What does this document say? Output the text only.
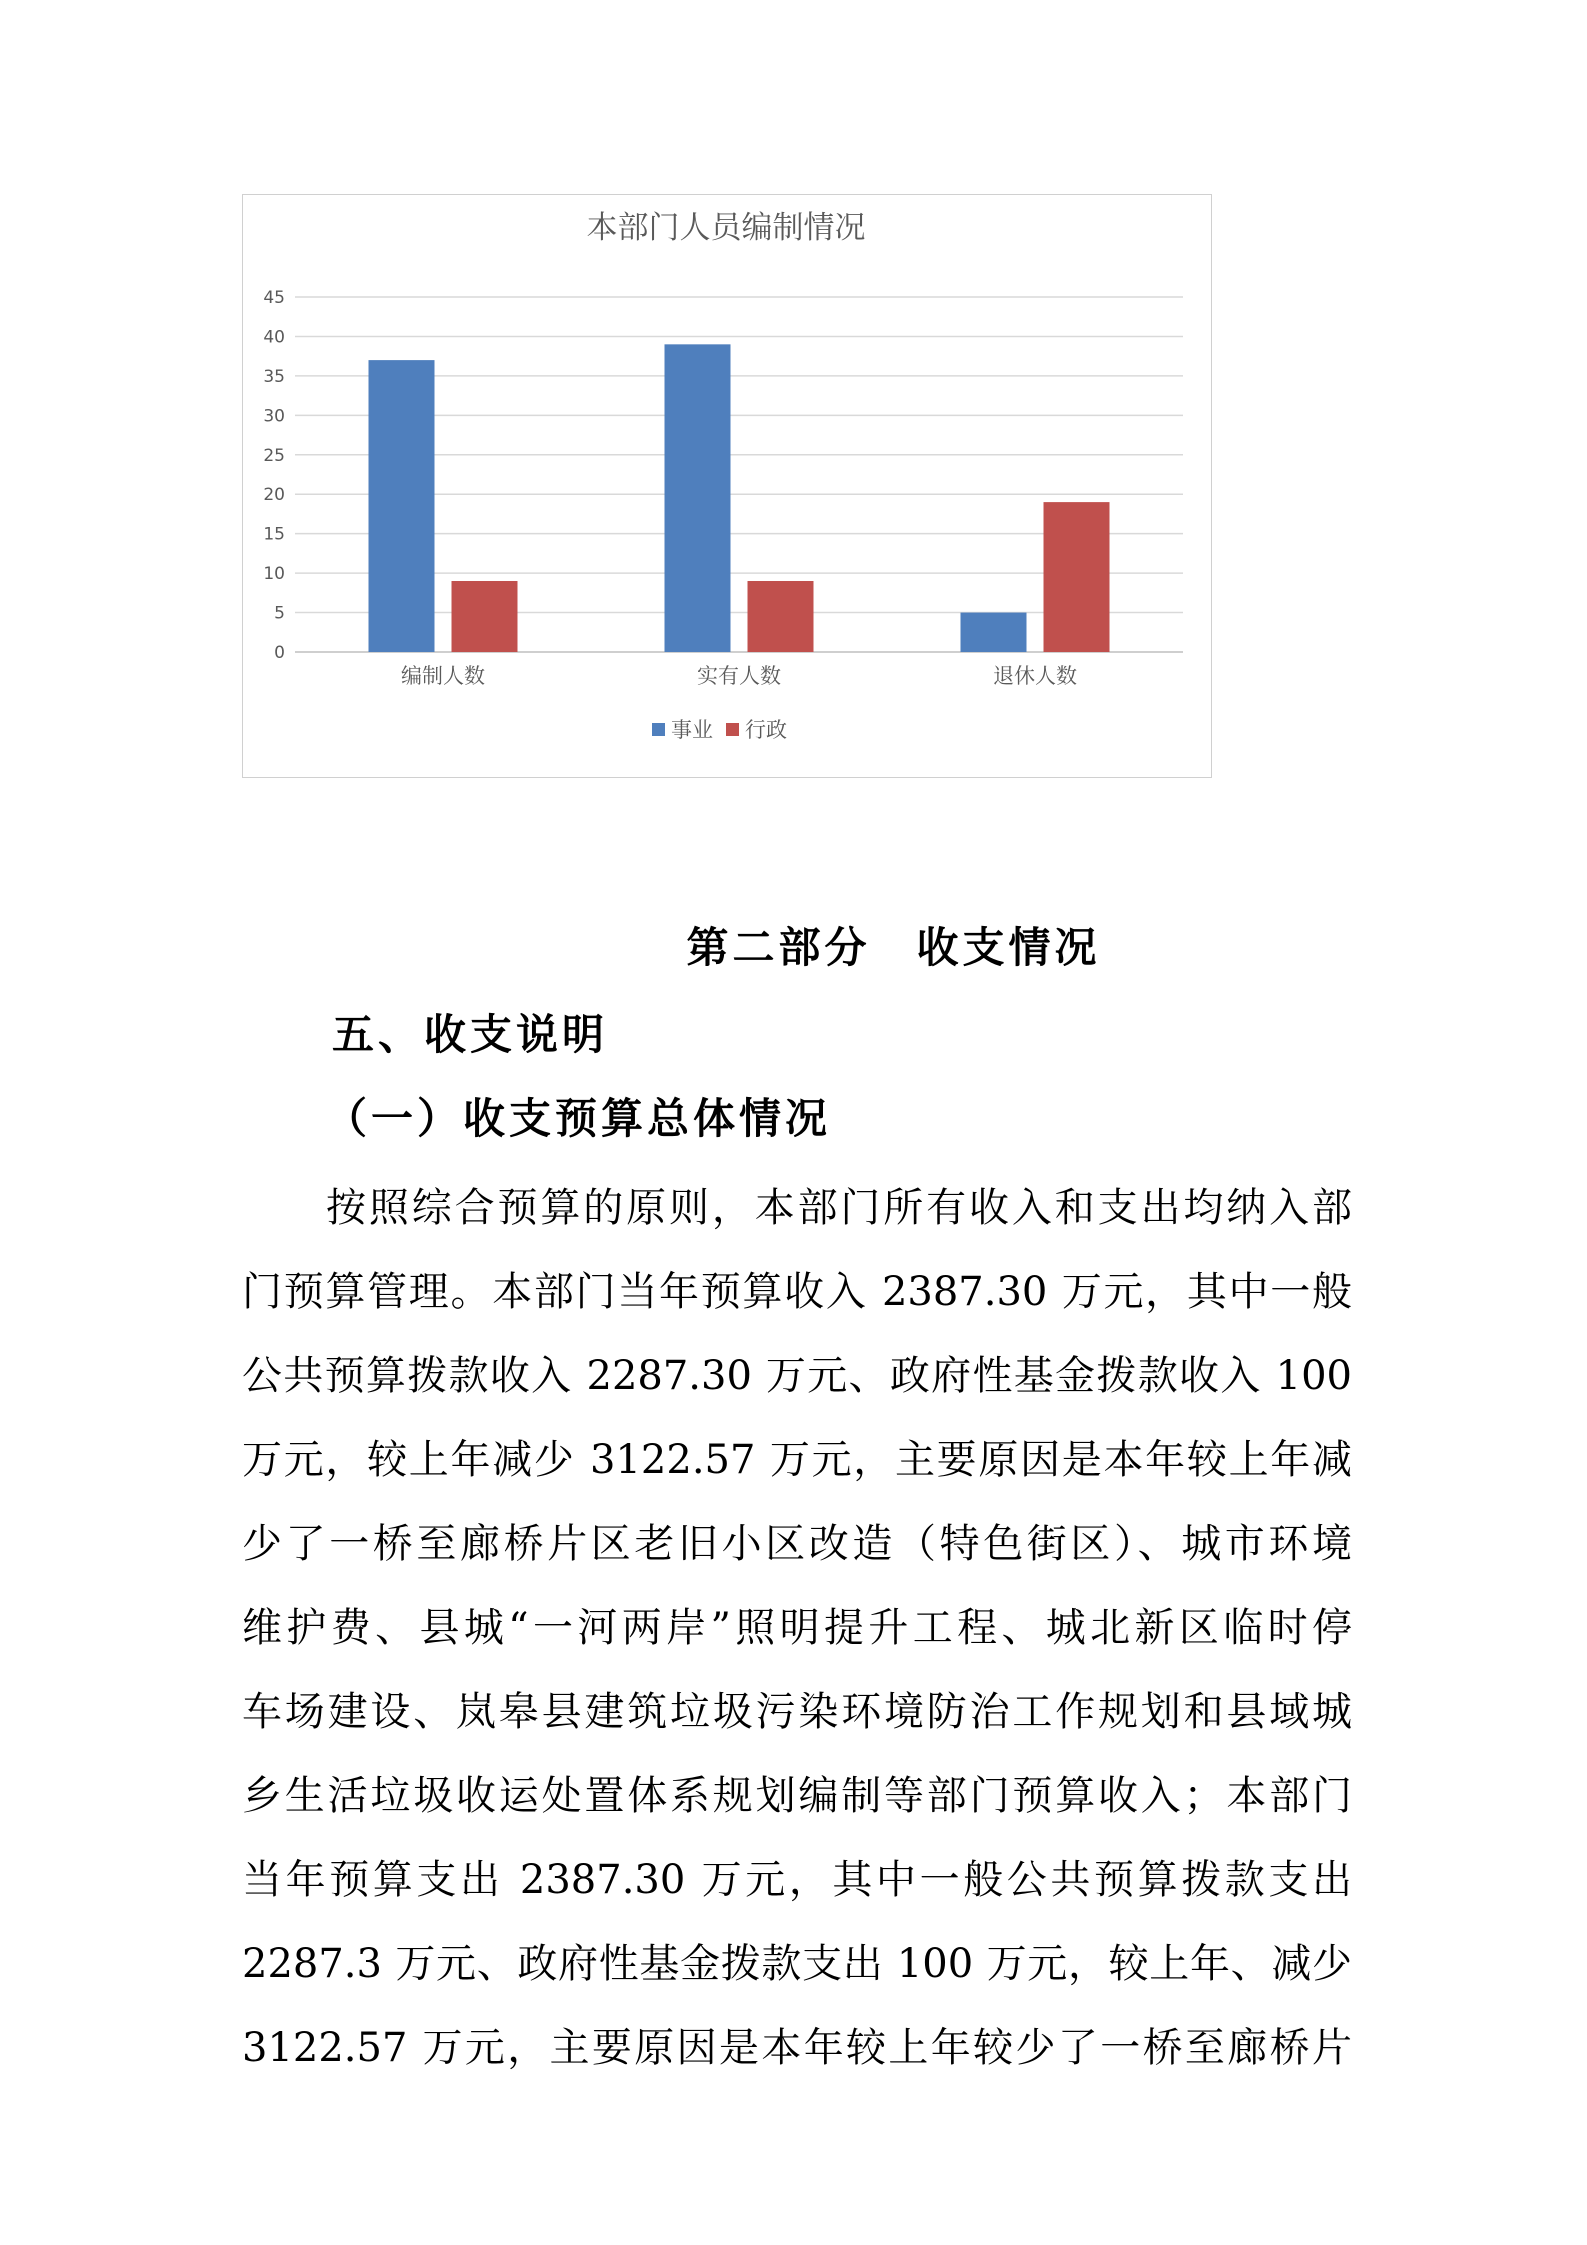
本部门人员编制情况
0
5
10
15
20
25
30
35
40
45
编制人数	实有人数	退休人数
事业 行政
第二部分　收支情况
五、收支说明
（一）收支预算总体情况
按照综合预算的原则，本部门所有收入和支出均纳入部
门预算管理。本部门当年预算收入 2387.30 万元，其中一般
公共预算拨款收入 2287.30 万元、政府性基金拨款收入 100
万元，较上年减少 3122.57 万元，主要原因是本年较上年减
少了一桥至廊桥片区老旧小区改造（特色街区）、城市环境
维护费、县城“一河两岸”照明提升工程、城北新区临时停
车场建设、岚皋县建筑垃圾污染环境防治工作规划和县域城
乡生活垃圾收运处置体系规划编制等部门预算收入；本部门
当年预算支出 2387.30 万元，其中一般公共预算拨款支出
2287.3 万元、政府性基金拨款支出 100 万元，较上年、减少
3122.57 万元，主要原因是本年较上年较少了一桥至廊桥片
